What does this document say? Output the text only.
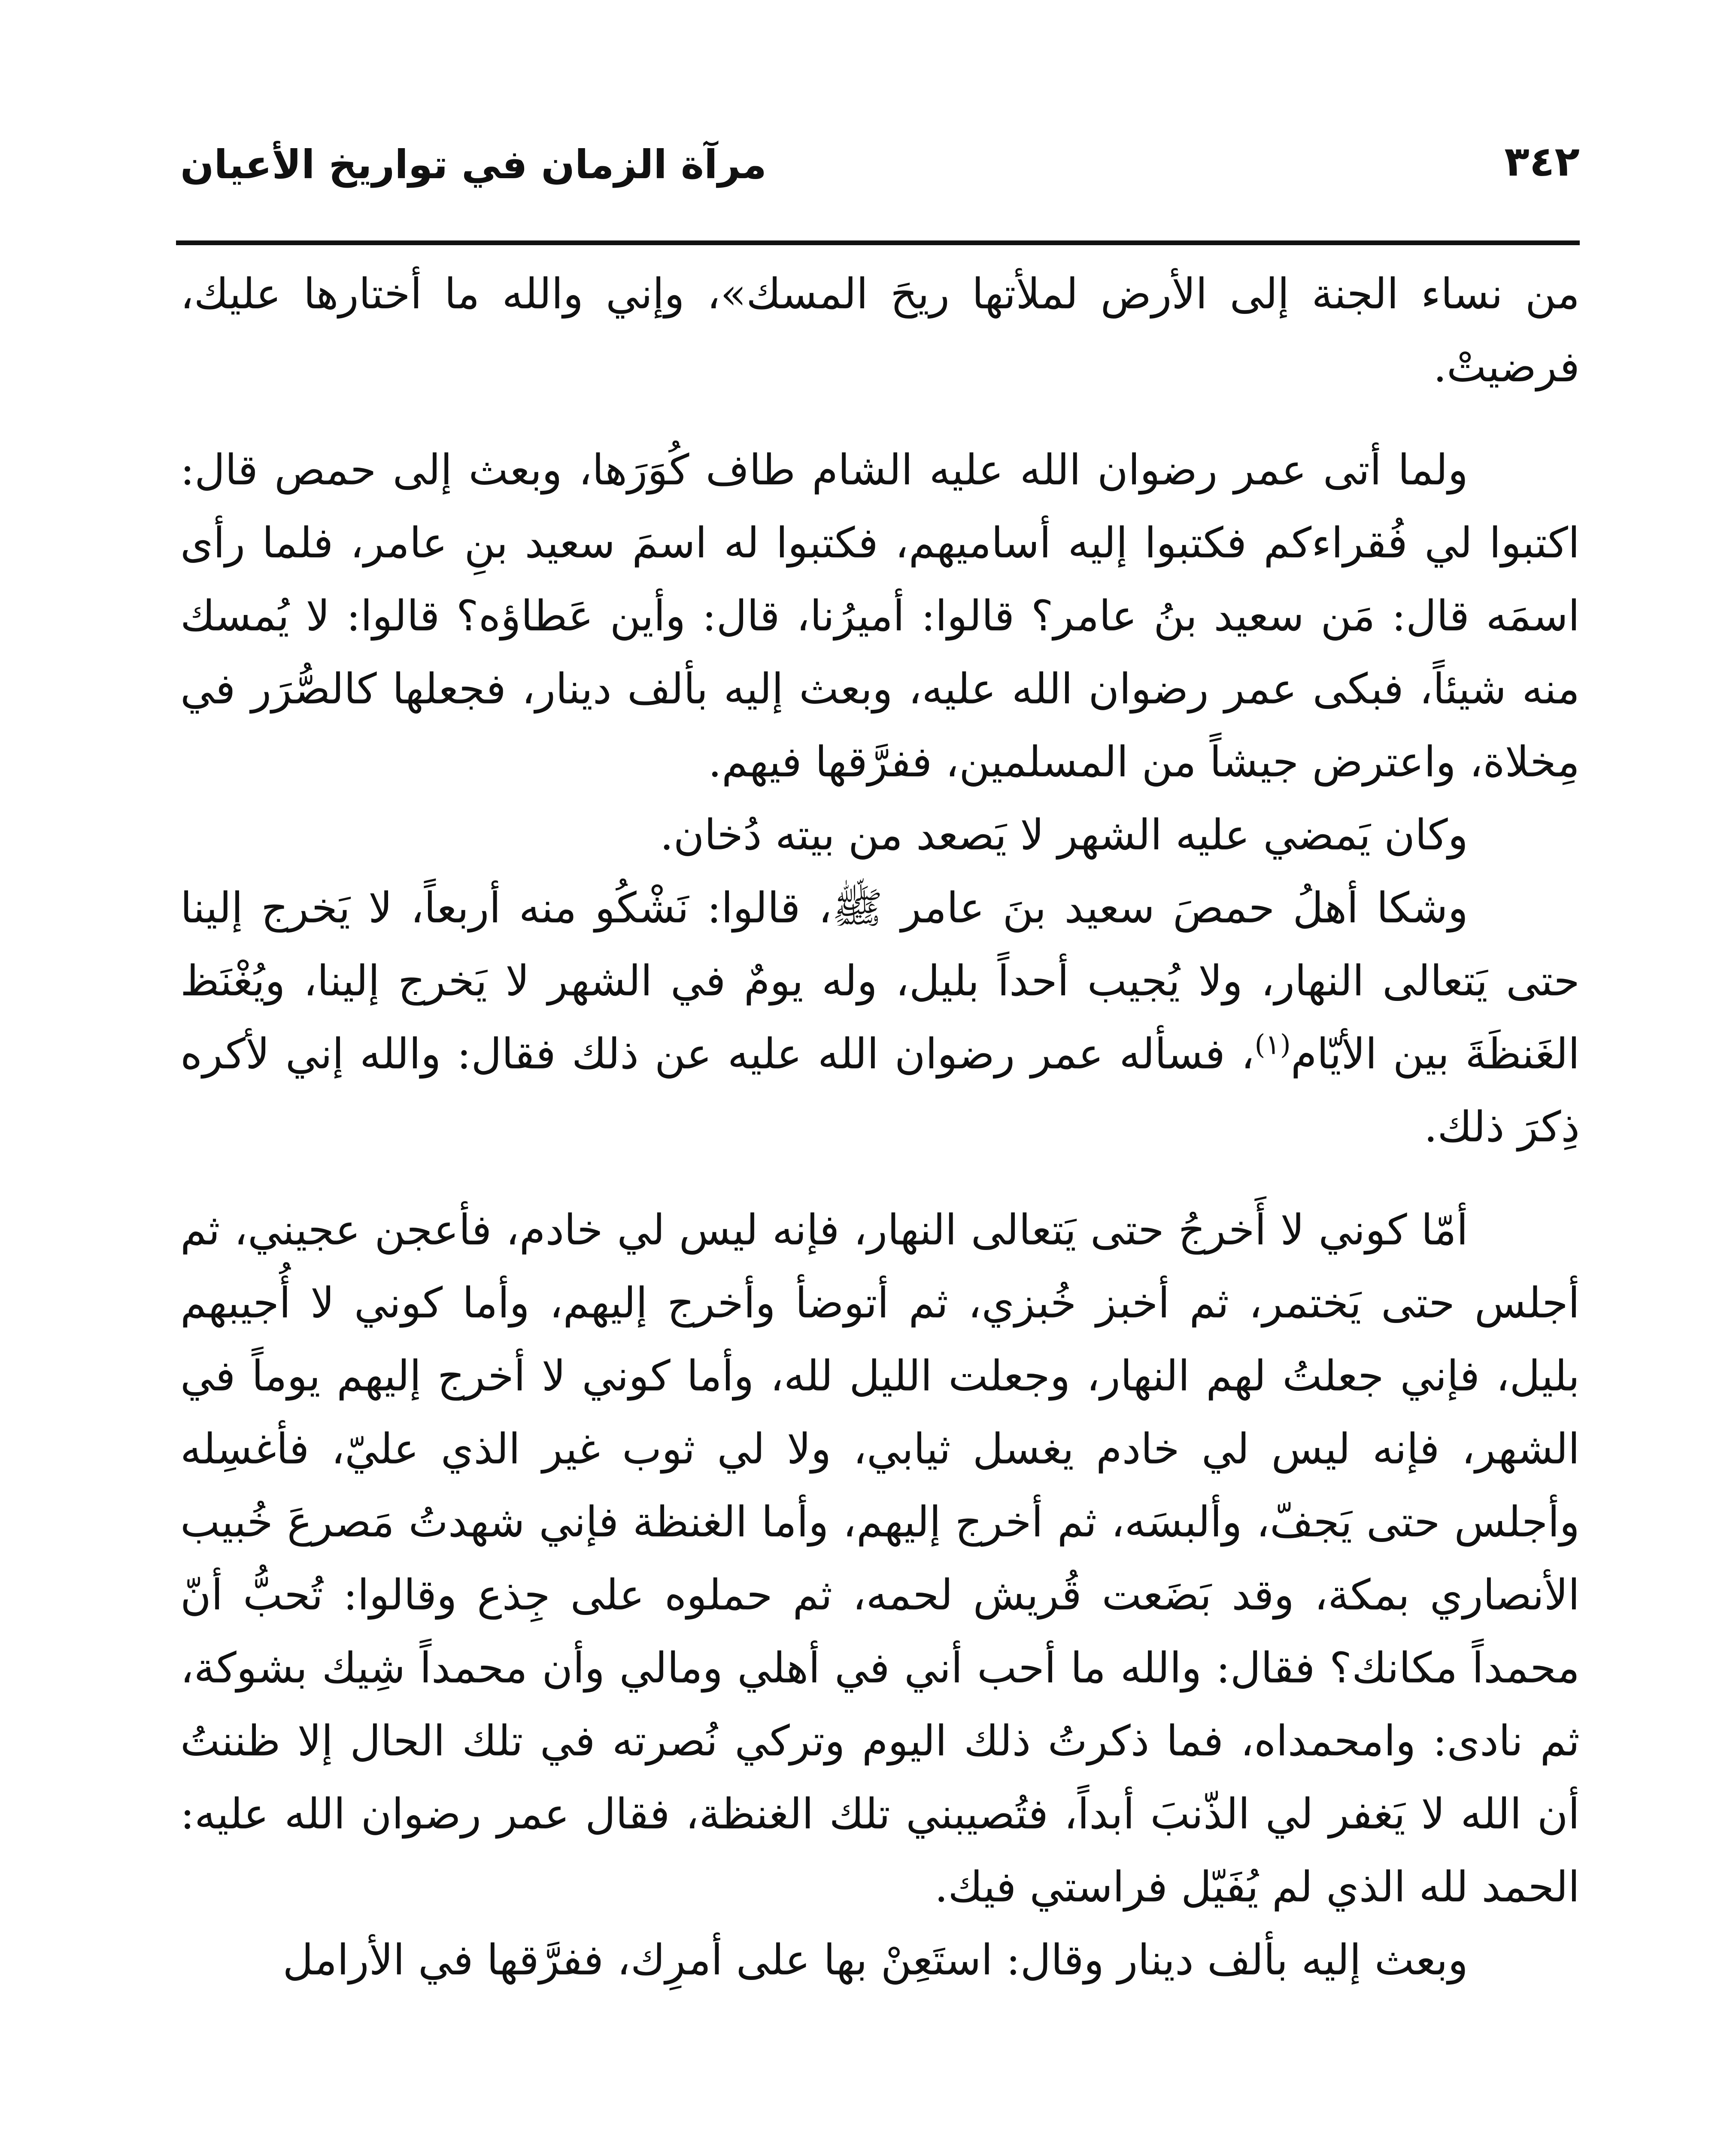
٣٤٢
مرآة الزمان في تواريخ الأعيان

من نساء الجنة إلى الأرض لملأتها ريحَ المسك»، وإني والله ما أختارها عليك، فرضيتْ.

ولما أتى عمر رضوان الله عليه الشام طاف كُوَرَها، وبعث إلى حمص قال: اكتبوا لي فُقراءكم فكتبوا إليه أساميهم، فكتبوا له اسمَ سعيد بنِ عامر، فلما رأى اسمَه قال: مَن سعيد بنُ عامر؟ قالوا: أميرُنا، قال: وأين عَطاؤه؟ قالوا: لا يُمسك منه شيئاً، فبكى عمر رضوان الله عليه، وبعث إليه بألف دينار، فجعلها كالصُّرَر في مِخلاة، واعترض جيشاً من المسلمين، ففرَّقها فيهم.

وكان يَمضي عليه الشهر لا يَصعد من بيته دُخان.

وشكا أهلُ حمصَ سعيد بنَ عامر ﷺ، قالوا: نَشْكُو منه أربعاً، لا يَخرج إلينا حتى يَتعالى النهار، ولا يُجيب أحداً بليل، وله يومٌ في الشهر لا يَخرج إلينا، ويُغْنَظ الغَنظَةَ بين الأيّام$^{(١)}$، فسأله عمر رضوان الله عليه عن ذلك فقال: والله إني لأكره ذِكرَ ذلك.

أمّا كوني لا أَخرجُ حتى يَتعالى النهار، فإنه ليس لي خادم، فأعجن عجيني، ثم أجلس حتى يَختمر، ثم أخبز خُبزي، ثم أتوضأ وأخرج إليهم، وأما كوني لا أُجيبهم بليل، فإني جعلتُ لهم النهار، وجعلت الليل لله، وأما كوني لا أخرج إليهم يوماً في الشهر، فإنه ليس لي خادم يغسل ثيابي، ولا لي ثوب غير الذي عليّ، فأغسِله وأجلس حتى يَجفّ، وألبسَه، ثم أخرج إليهم، وأما الغنظة فإني شهدتُ مَصرعَ خُبيب الأنصاري بمكة، وقد بَضَعت قُريش لحمه، ثم حملوه على جِذع وقالوا: تُحبُّ أنّ محمداً مكانك؟ فقال: والله ما أحب أني في أهلي ومالي وأن محمداً شِيك بشوكة، ثم نادى: وامحمداه، فما ذكرتُ ذلك اليوم وتركي نُصرته في تلك الحال إلا ظننتُ أن الله لا يَغفر لي الذّنبَ أبداً، فتُصيبني تلك الغنظة، فقال عمر رضوان الله عليه: الحمد لله الذي لم يُفَيّل فراستي فيك.

وبعث إليه بألف دينار وقال: استَعِنْ بها على أمرِك، ففرَّقها في الأرامل
